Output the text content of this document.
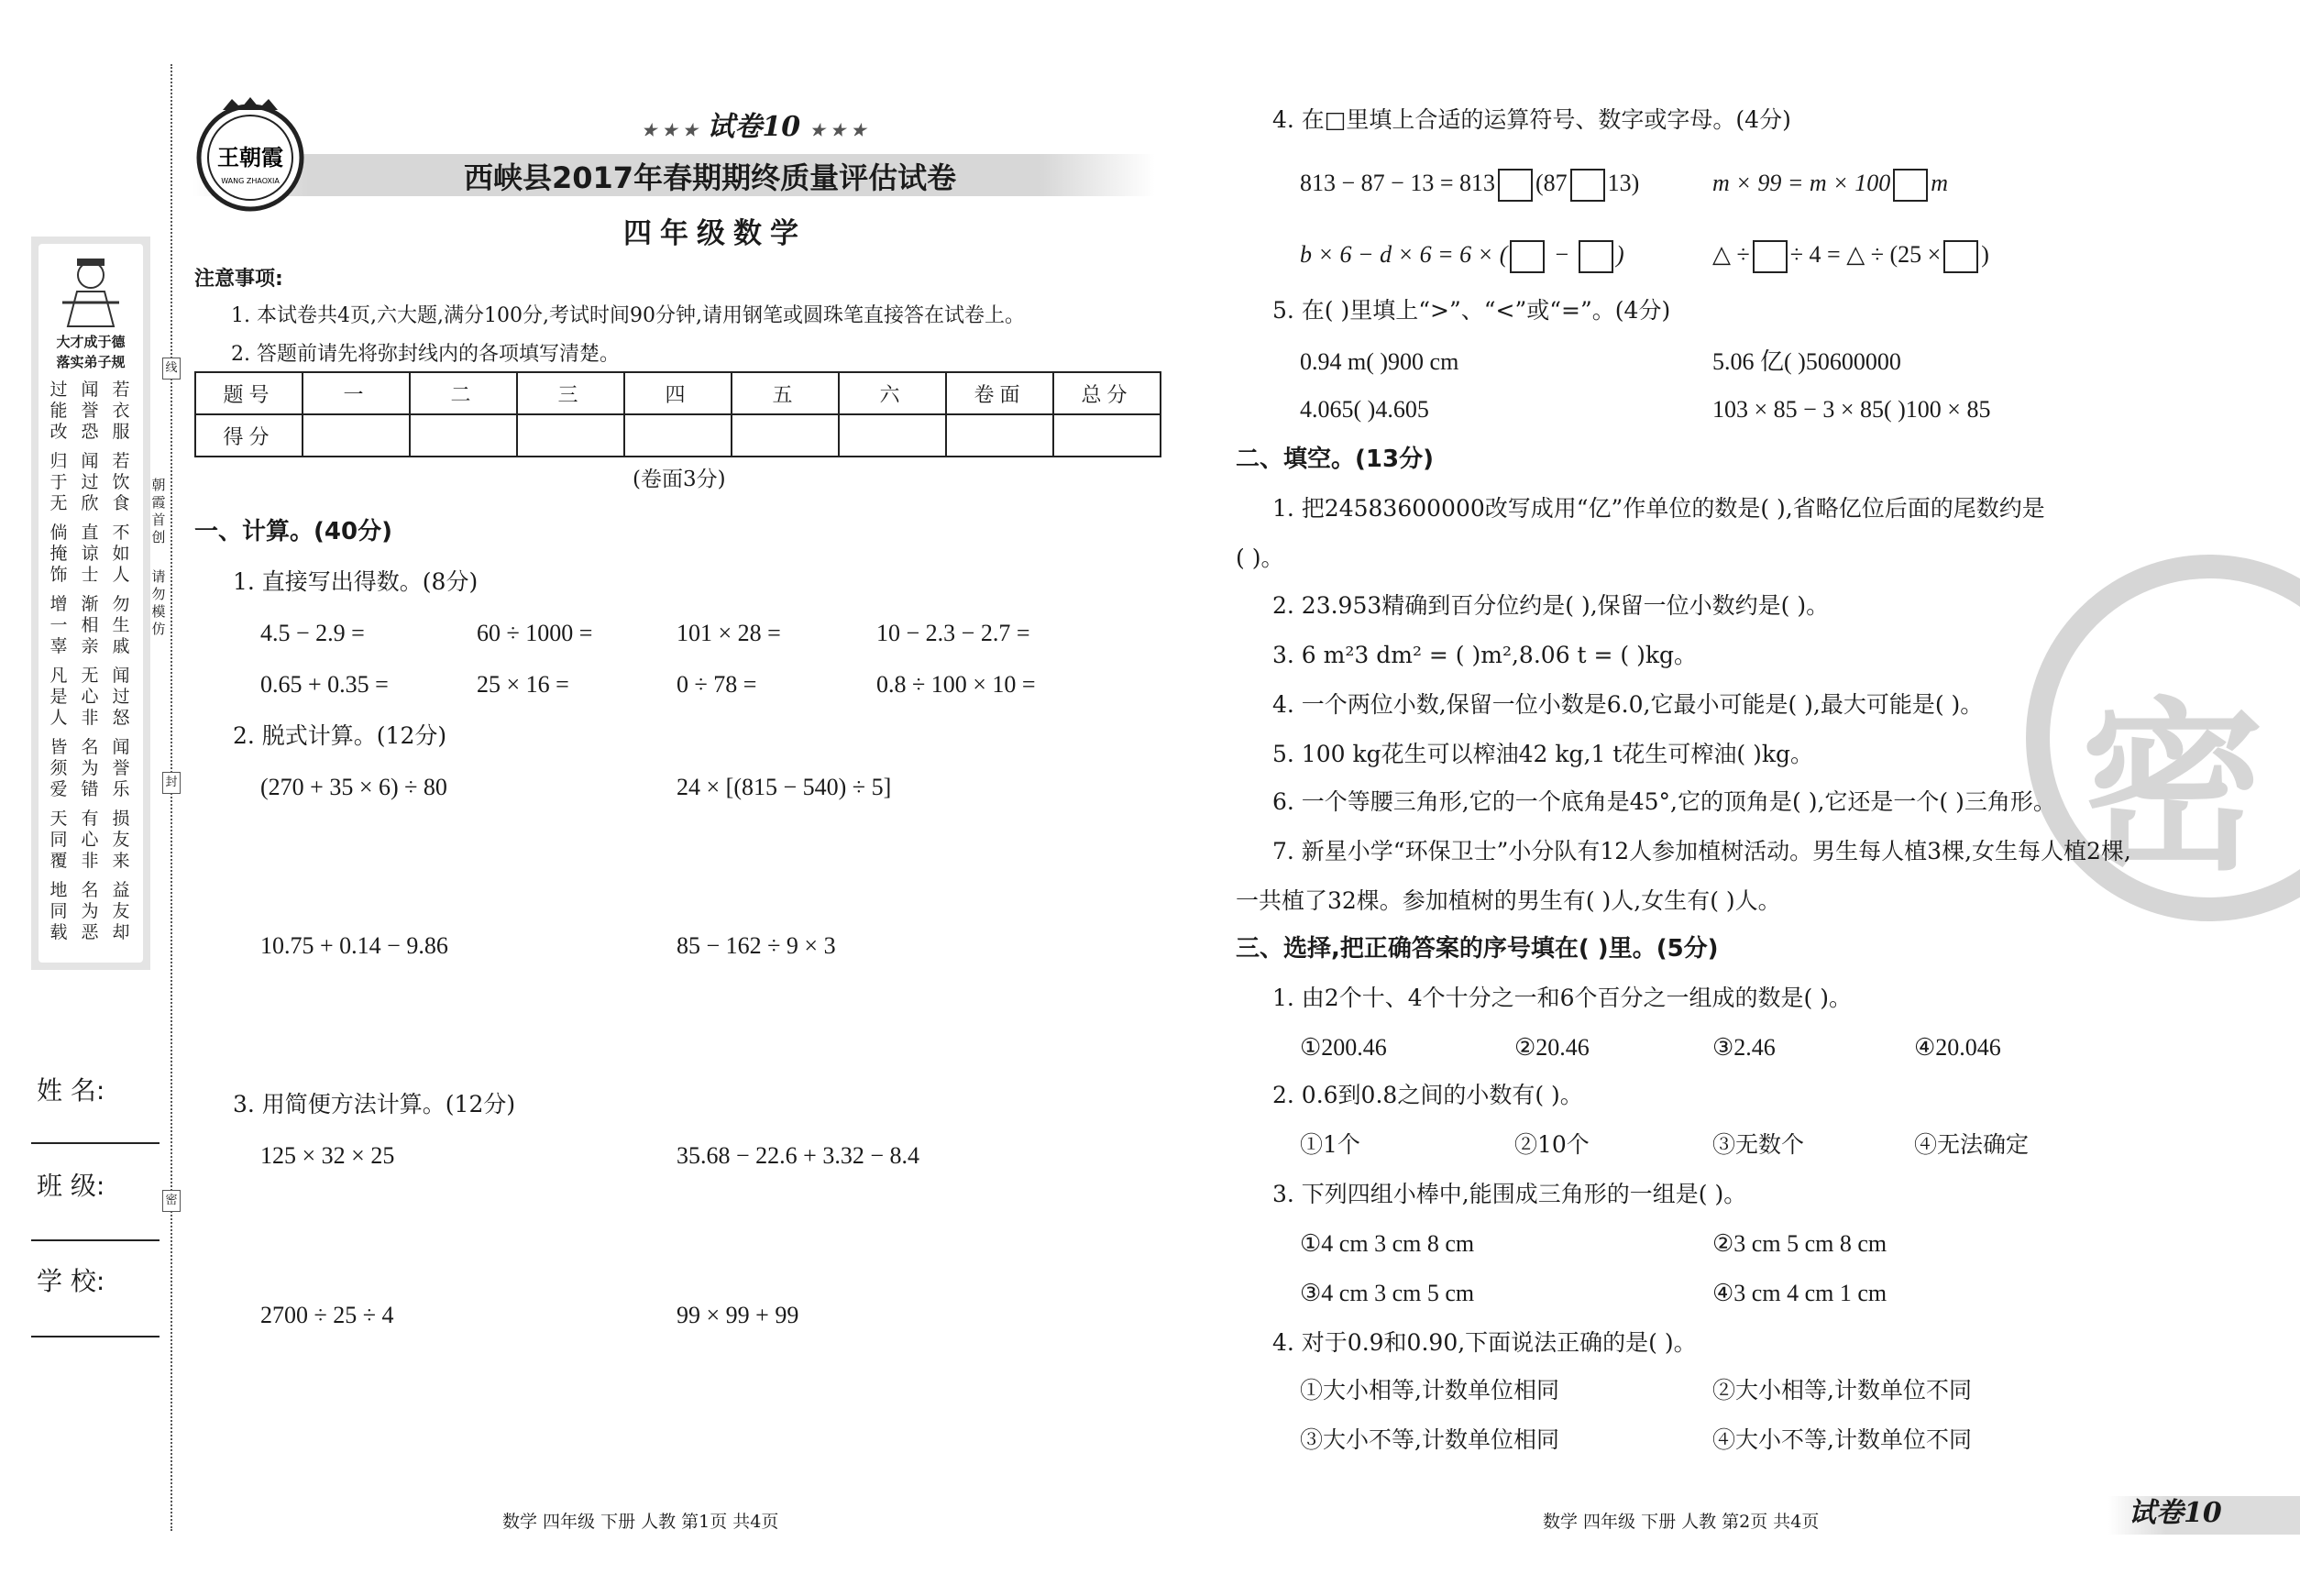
大才成于德
落实弟子规
过能改
闻誉恐
若衣服
归于无
闻过欣
若饮食
倘掩饰
直谅士
不如人
增一辜
渐相亲
勿生戚
凡是人
无心非
闻过怒
皆须爱
名为错
闻誉乐
天同覆
有心非
损友来
地同载
名为恶
益友却
线
封
密
朝霞首创
请勿模仿
姓 名:
班 级:
学 校:
王朝霞
WANG ZHAOXIA
★ ★ ★ 试卷10 ★ ★ ★
西峡县2017年春期期终质量评估试卷
四年级数学
注意事项:
1. 本试卷共4页,六大题,满分100分,考试时间90分钟,请用钢笔或圆珠笔直接答在试卷上。
2. 答题前请先将弥封线内的各项填写清楚。
题号	一	二	三	四	五	六	卷面	总分
得分								
(卷面3分)
一、计算。(40分)
1. 直接写出得数。(8分)
4.5 − 2.9 =	60 ÷ 1000 =	101 × 28 =	10 − 2.3 − 2.7 =
0.65 + 0.35 =	25 × 16 =	0 ÷ 78 =	0.8 ÷ 100 × 10 =
2. 脱式计算。(12分)
(270 + 35 × 6) ÷ 80	24 × [(815 − 540) ÷ 5]
10.75 + 0.14 − 9.86	85 − 162 ÷ 9 × 3
3. 用简便方法计算。(12分)
125 × 32 × 25	35.68 − 22.6 + 3.32 − 8.4
2700 ÷ 25 ÷ 4	99 × 99 + 99
数学 四年级 下册 人教 第1页 共4页
密
4. 在□里填上合适的运算符号、数字或字母。(4分)
813 − 87 − 13 = 813 (87 13)	m × 99 = m × 100 m
b × 6 − d × 6 = 6 × ( − )	△ ÷ ÷ 4 = △ ÷ (25 × )
5. 在( )里填上“>”、“<”或“=”。(4分)
0.94 m( )900 cm	5.06 亿( )50600000
4.065( )4.605	103 × 85 − 3 × 85( )100 × 85
二、填空。(13分)
1. 把24583600000改写成用“亿”作单位的数是( ),省略亿位后面的尾数约是
( )。
2. 23.953精确到百分位约是( ),保留一位小数约是( )。
3. 6 m²3 dm² = ( )m²,8.06 t = ( )kg。
4. 一个两位小数,保留一位小数是6.0,它最小可能是( ),最大可能是( )。
5. 100 kg花生可以榨油42 kg,1 t花生可榨油( )kg。
6. 一个等腰三角形,它的一个底角是45°,它的顶角是( ),它还是一个( )三角形。
7. 新星小学“环保卫士”小分队有12人参加植树活动。男生每人植3棵,女生每人植2棵,
一共植了32棵。参加植树的男生有( )人,女生有( )人。
三、选择,把正确答案的序号填在( )里。(5分)
1. 由2个十、4个十分之一和6个百分之一组成的数是( )。
①200.46	②20.46	③2.46	④20.046
2. 0.6到0.8之间的小数有( )。
①1个	②10个	③无数个	④无法确定
3. 下列四组小棒中,能围成三角形的一组是( )。
①4 cm 3 cm 8 cm	②3 cm 5 cm 8 cm
③4 cm 3 cm 5 cm	④3 cm 4 cm 1 cm
4. 对于0.9和0.90,下面说法正确的是( )。
①大小相等,计数单位相同	②大小相等,计数单位不同
③大小不等,计数单位相同	④大小不等,计数单位不同
数学 四年级 下册 人教 第2页 共4页	试卷10
